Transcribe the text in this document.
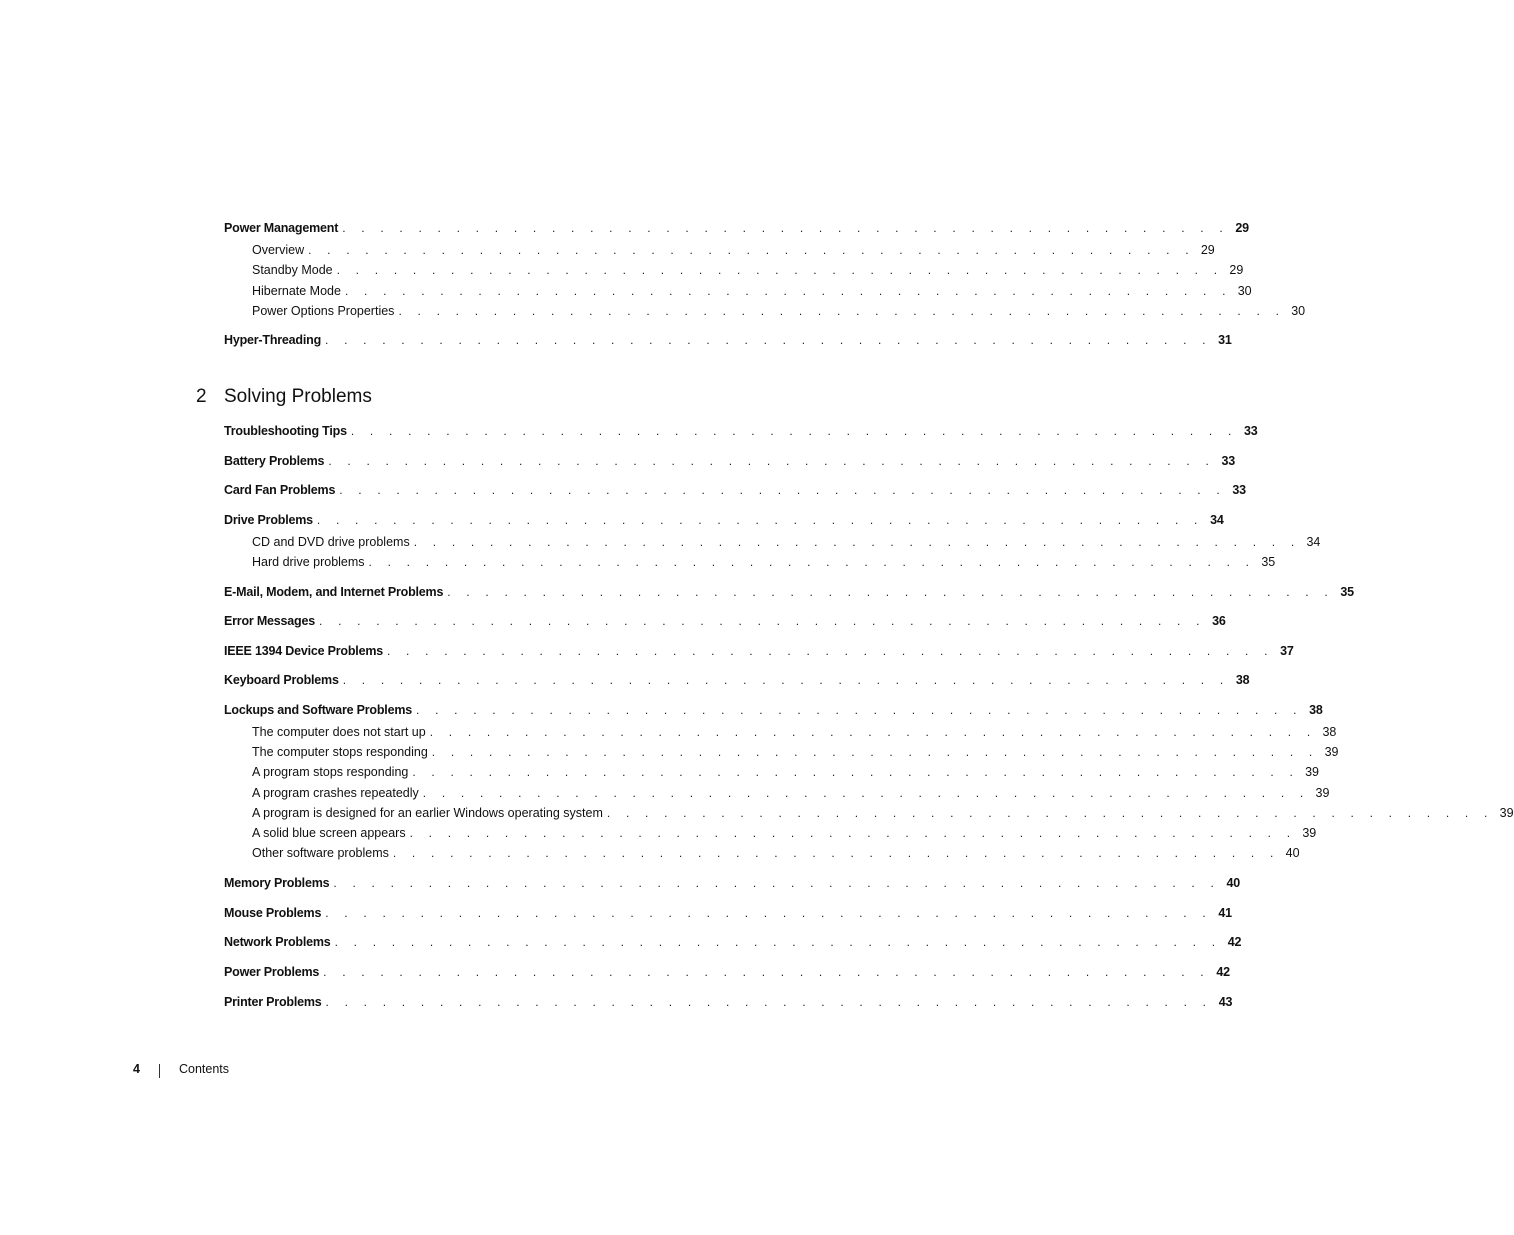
Power Management . . . . . . . . . . . . . . . . . . . . . . . . . . . . . . . . . . . . . . . . . . . . . . . 29
Overview . . . . . . . . . . . . . . . . . . . . . . . . . . . . . . . . . . . . . . . . . . . . . . . 29
Standby Mode . . . . . . . . . . . . . . . . . . . . . . . . . . . . . . . . . . . . . . . . . . . . . . . 29
Hibernate Mode . . . . . . . . . . . . . . . . . . . . . . . . . . . . . . . . . . . . . . . . . . . . . . . 30
Power Options Properties . . . . . . . . . . . . . . . . . . . . . . . . . . . . . . . . . . . . . . . . . . . . . . . 30
Hyper-Threading . . . . . . . . . . . . . . . . . . . . . . . . . . . . . . . . . . . . . . . . . . . . . . . 31
2 Solving Problems
Troubleshooting Tips . . . . . . . . . . . . . . . . . . . . . . . . . . . . . . . . . . . . . . . . . . . . . . . 33
Battery Problems . . . . . . . . . . . . . . . . . . . . . . . . . . . . . . . . . . . . . . . . . . . . . . . 33
Card Fan Problems . . . . . . . . . . . . . . . . . . . . . . . . . . . . . . . . . . . . . . . . . . . . . . . 33
Drive Problems . . . . . . . . . . . . . . . . . . . . . . . . . . . . . . . . . . . . . . . . . . . . . . . 34
CD and DVD drive problems . . . . . . . . . . . . . . . . . . . . . . . . . . . . . . . . . . . . . . . . . . . . . . . 34
Hard drive problems . . . . . . . . . . . . . . . . . . . . . . . . . . . . . . . . . . . . . . . . . . . . . . . 35
E-Mail, Modem, and Internet Problems . . . . . . . . . . . . . . . . . . . . . . . . . . . . . . . . . . . . . . . . . . . . . . . 35
Error Messages . . . . . . . . . . . . . . . . . . . . . . . . . . . . . . . . . . . . . . . . . . . . . . . 36
IEEE 1394 Device Problems . . . . . . . . . . . . . . . . . . . . . . . . . . . . . . . . . . . . . . . . . . . . . . . 37
Keyboard Problems . . . . . . . . . . . . . . . . . . . . . . . . . . . . . . . . . . . . . . . . . . . . . . . 38
Lockups and Software Problems . . . . . . . . . . . . . . . . . . . . . . . . . . . . . . . . . . . . . . . . . . . . . . . 38
The computer does not start up . . . . . . . . . . . . . . . . . . . . . . . . . . . . . . . . . . . . . . . . . . . . . . . 38
The computer stops responding . . . . . . . . . . . . . . . . . . . . . . . . . . . . . . . . . . . . . . . . . . . . . . . 39
A program stops responding . . . . . . . . . . . . . . . . . . . . . . . . . . . . . . . . . . . . . . . . . . . . . . . 39
A program crashes repeatedly . . . . . . . . . . . . . . . . . . . . . . . . . . . . . . . . . . . . . . . . . . . . . . . 39
A program is designed for an earlier Windows operating system . . . . . . . . . . . . . . . . . . . . . . . . . . . . . . . . . . . . . . . . . . . . . . . 39
A solid blue screen appears . . . . . . . . . . . . . . . . . . . . . . . . . . . . . . . . . . . . . . . . . . . . . . . 39
Other software problems . . . . . . . . . . . . . . . . . . . . . . . . . . . . . . . . . . . . . . . . . . . . . . . 40
Memory Problems . . . . . . . . . . . . . . . . . . . . . . . . . . . . . . . . . . . . . . . . . . . . . . . 40
Mouse Problems . . . . . . . . . . . . . . . . . . . . . . . . . . . . . . . . . . . . . . . . . . . . . . . 41
Network Problems . . . . . . . . . . . . . . . . . . . . . . . . . . . . . . . . . . . . . . . . . . . . . . . 42
Power Problems . . . . . . . . . . . . . . . . . . . . . . . . . . . . . . . . . . . . . . . . . . . . . . . 42
Printer Problems . . . . . . . . . . . . . . . . . . . . . . . . . . . . . . . . . . . . . . . . . . . . . . . 43
4	Contents
